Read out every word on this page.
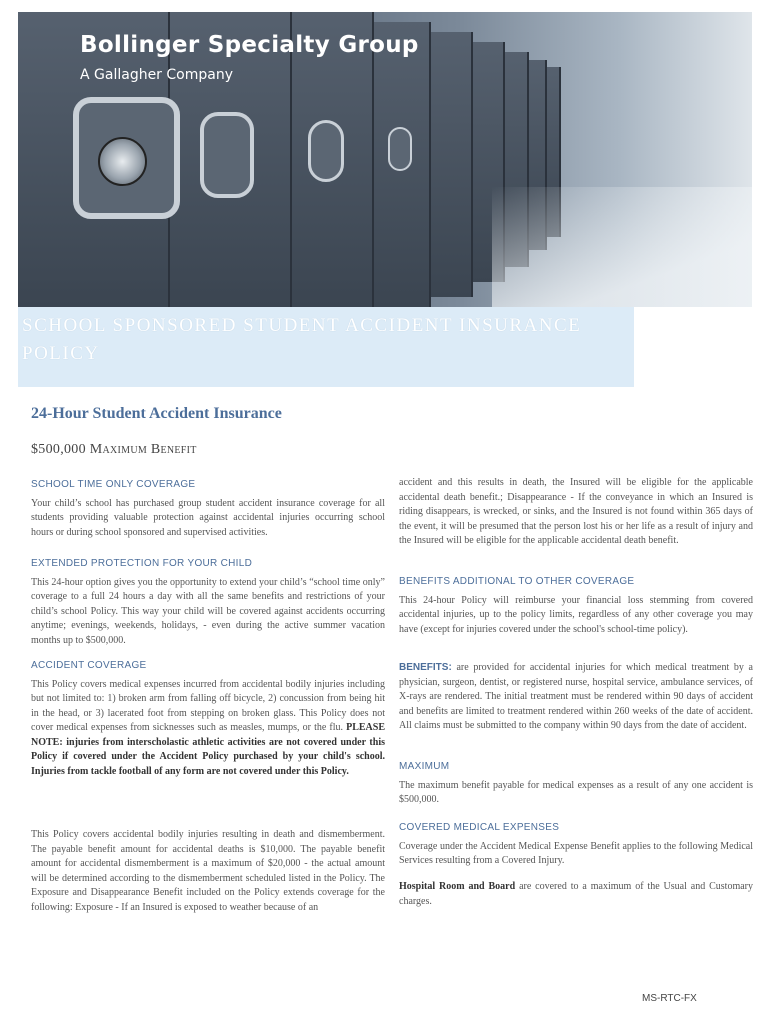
Bollinger Specialty Group
A Gallagher Company
SCHOOL SPONSORED STUDENT ACCIDENT INSURANCE POLICY
24-Hour Student Accident Insurance
$500,000 Maximum Benefit
SCHOOL TIME ONLY COVERAGE

Your child’s school has purchased group student accident insurance coverage for all students providing valuable protection against accidental injuries occurring school hours or during school sponsored and supervised activities.

EXTENDED PROTECTION FOR YOUR CHILD

This 24-hour option gives you the opportunity to extend your child’s “school time only” coverage to a full 24 hours a day with all the same benefits and restrictions of your child’s school Policy. This way your child will be covered against accidents occurring anytime; evenings, weekends, holidays, - even during the active summer vacation months up to $500,000.

ACCIDENT COVERAGE

This Policy covers medical expenses incurred from accidental bodily injuries including but not limited to: 1) broken arm from falling off bicycle, 2) concussion from being hit in the head, or 3) lacerated foot from stepping on broken glass. This Policy does not cover medical expenses from sicknesses such as measles, mumps, or the flu. PLEASE NOTE: injuries from interscholastic athletic activities are not covered under this Policy if covered under the Accident Policy purchased by your child's school. Injuries from tackle football of any form are not covered under this Policy.

This Policy covers accidental bodily injuries resulting in death and dismemberment. The payable benefit amount for accidental deaths is $10,000. The payable benefit amount for accidental dismemberment is a maximum of $20,000 - the actual amount will be determined according to the dismemberment scheduled listed in the Policy. The Exposure and Disappearance Benefit included on the Policy extends coverage for the following: Exposure - If an Insured is exposed to weather because of an

accident and this results in death, the Insured will be eligible for the applicable accidental death benefit.; Disappearance - If the conveyance in which an Insured is riding disappears, is wrecked, or sinks, and the Insured is not found within 365 days of the event, it will be presumed that the person lost his or her life as a result of injury and the Insured will be eligible for the applicable accidental death benefit.

BENEFITS ADDITIONAL TO OTHER COVERAGE

This 24-hour Policy will reimburse your financial loss stemming from covered accidental injuries, up to the policy limits, regardless of any other coverage you may have (except for injuries covered under the school's school-time policy).

BENEFITS: are provided for accidental injuries for which medical treatment by a physician, surgeon, dentist, or registered nurse, hospital service, ambulance services, of X-rays are rendered. The initial treatment must be rendered within 90 days of accident and benefits are limited to treatment rendered within 260 weeks of the date of accident. All claims must be submitted to the company within 90 days from the date of accident.

MAXIMUM

The maximum benefit payable for medical expenses as a result of any one accident is $500,000.

COVERED MEDICAL EXPENSES

Coverage under the Accident Medical Expense Benefit applies to the following Medical Services resulting from a Covered Injury.

Hospital Room and Board are covered to a maximum of the Usual and Customary charges.

MS-RTC-FX
